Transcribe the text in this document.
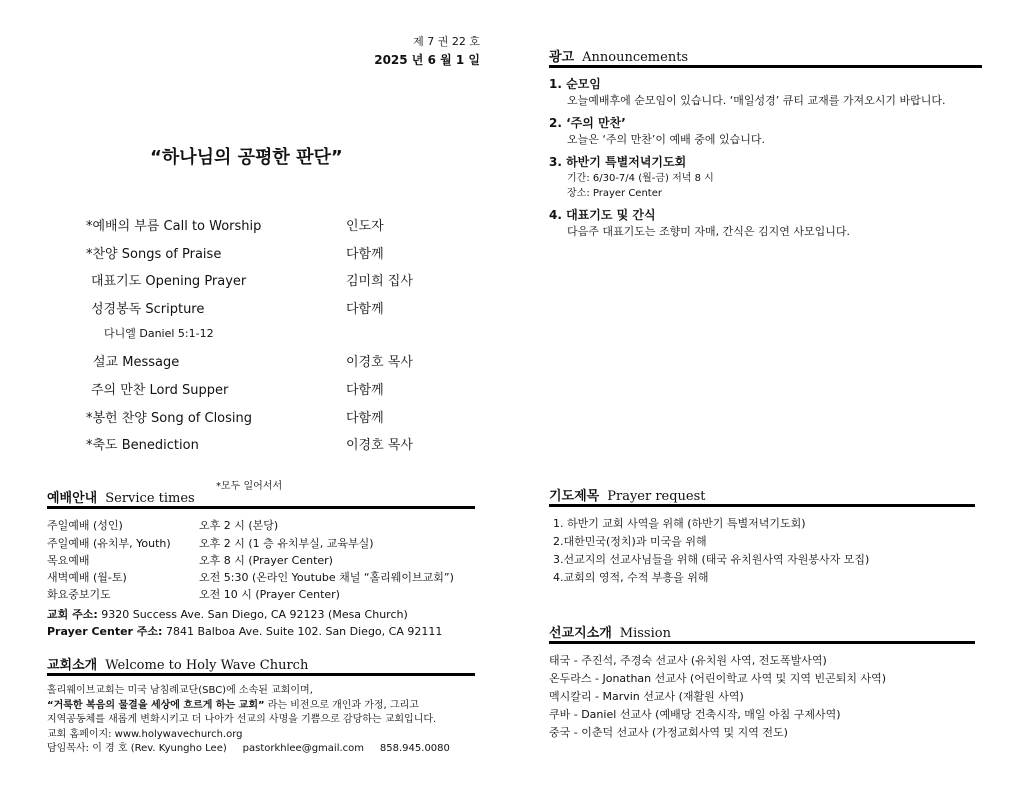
제 7 권 22 호
2025 년 6 월 1 일
“하나님의 공평한 판단”
*예배의 부름 Call to Worship	인도자
*찬양 Songs of Praise	다함께
대표기도 Opening Prayer	김미희 집사
성경봉독 Scripture	다함께
다니엘 Daniel 5:1-12
설교 Message	이경호 목사
주의 만찬 Lord Supper	다함께
*봉헌 찬양 Song of Closing	다함께
*축도 Benediction	이경호 목사
*모두 일어서서
예배안내 Service times
주일예배 (성인)	오후 2 시 (본당)
주일예배 (유치부, Youth)	오후 2 시 (1 층 유치부실, 교육부실)
목요예배	오후 8 시 (Prayer Center)
새벽예배 (월-토)	오전 5:30 (온라인 Youtube 채널 “홀리웨이브교회”)
화요중보기도	오전 10 시 (Prayer Center)
교회 주소: 9320 Success Ave. San Diego, CA 92123 (Mesa Church)
Prayer Center 주소: 7841 Balboa Ave. Suite 102. San Diego, CA 92111
교회소개 Welcome to Holy Wave Church
홀리웨이브교회는 미국 남침례교단(SBC)에 소속된 교회이며,
“거룩한 복음의 물결을 세상에 흐르게 하는 교회” 라는 비전으로 개인과 가정, 그리고
지역공동체를 새롭게 변화시키고 더 나아가 선교의 사명을 기쁨으로 감당하는 교회입니다.
교회 홈페이지: www.holywavechurch.org
담임목사: 이 경 호 (Rev. Kyungho Lee)     pastorkhlee@gmail.com     858.945.0080
광고 Announcements
1. 순모임
오늘예배후에 순모임이 있습니다. ‘매일성경’ 큐티 교재를 가져오시기 바랍니다.
2. ‘주의 만찬’
오늘은 ‘주의 만찬’이 예배 중에 있습니다.
3. 하반기 특별저녁기도회
기간: 6/30-7/4 (월-금) 저녁 8 시
장소: Prayer Center
4. 대표기도 및 간식
다음주 대표기도는 조향미 자매, 간식은 김지연 사모입니다.
기도제목 Prayer request
1. 하반기 교회 사역을 위해 (하반기 특별저녁기도회)
2.대한민국(정치)과 미국을 위해
3.선교지의 선교사님들을 위해 (태국 유치원사역 자원봉사자 모집)
4.교회의 영적, 수적 부흥을 위해
선교지소개 Mission
태국 - 주진석, 주경숙 선교사 (유치원 사역, 전도폭발사역)
온두라스 - Jonathan 선교사 (어린이학교 사역 및 지역 빈곤퇴치 사역)
멕시칼리 - Marvin 선교사 (재활원 사역)
쿠바 - Daniel 선교사 (예배당 건축시작, 매일 아침 구제사역)
중국 - 이춘덕 선교사 (가정교회사역 및 지역 전도)
